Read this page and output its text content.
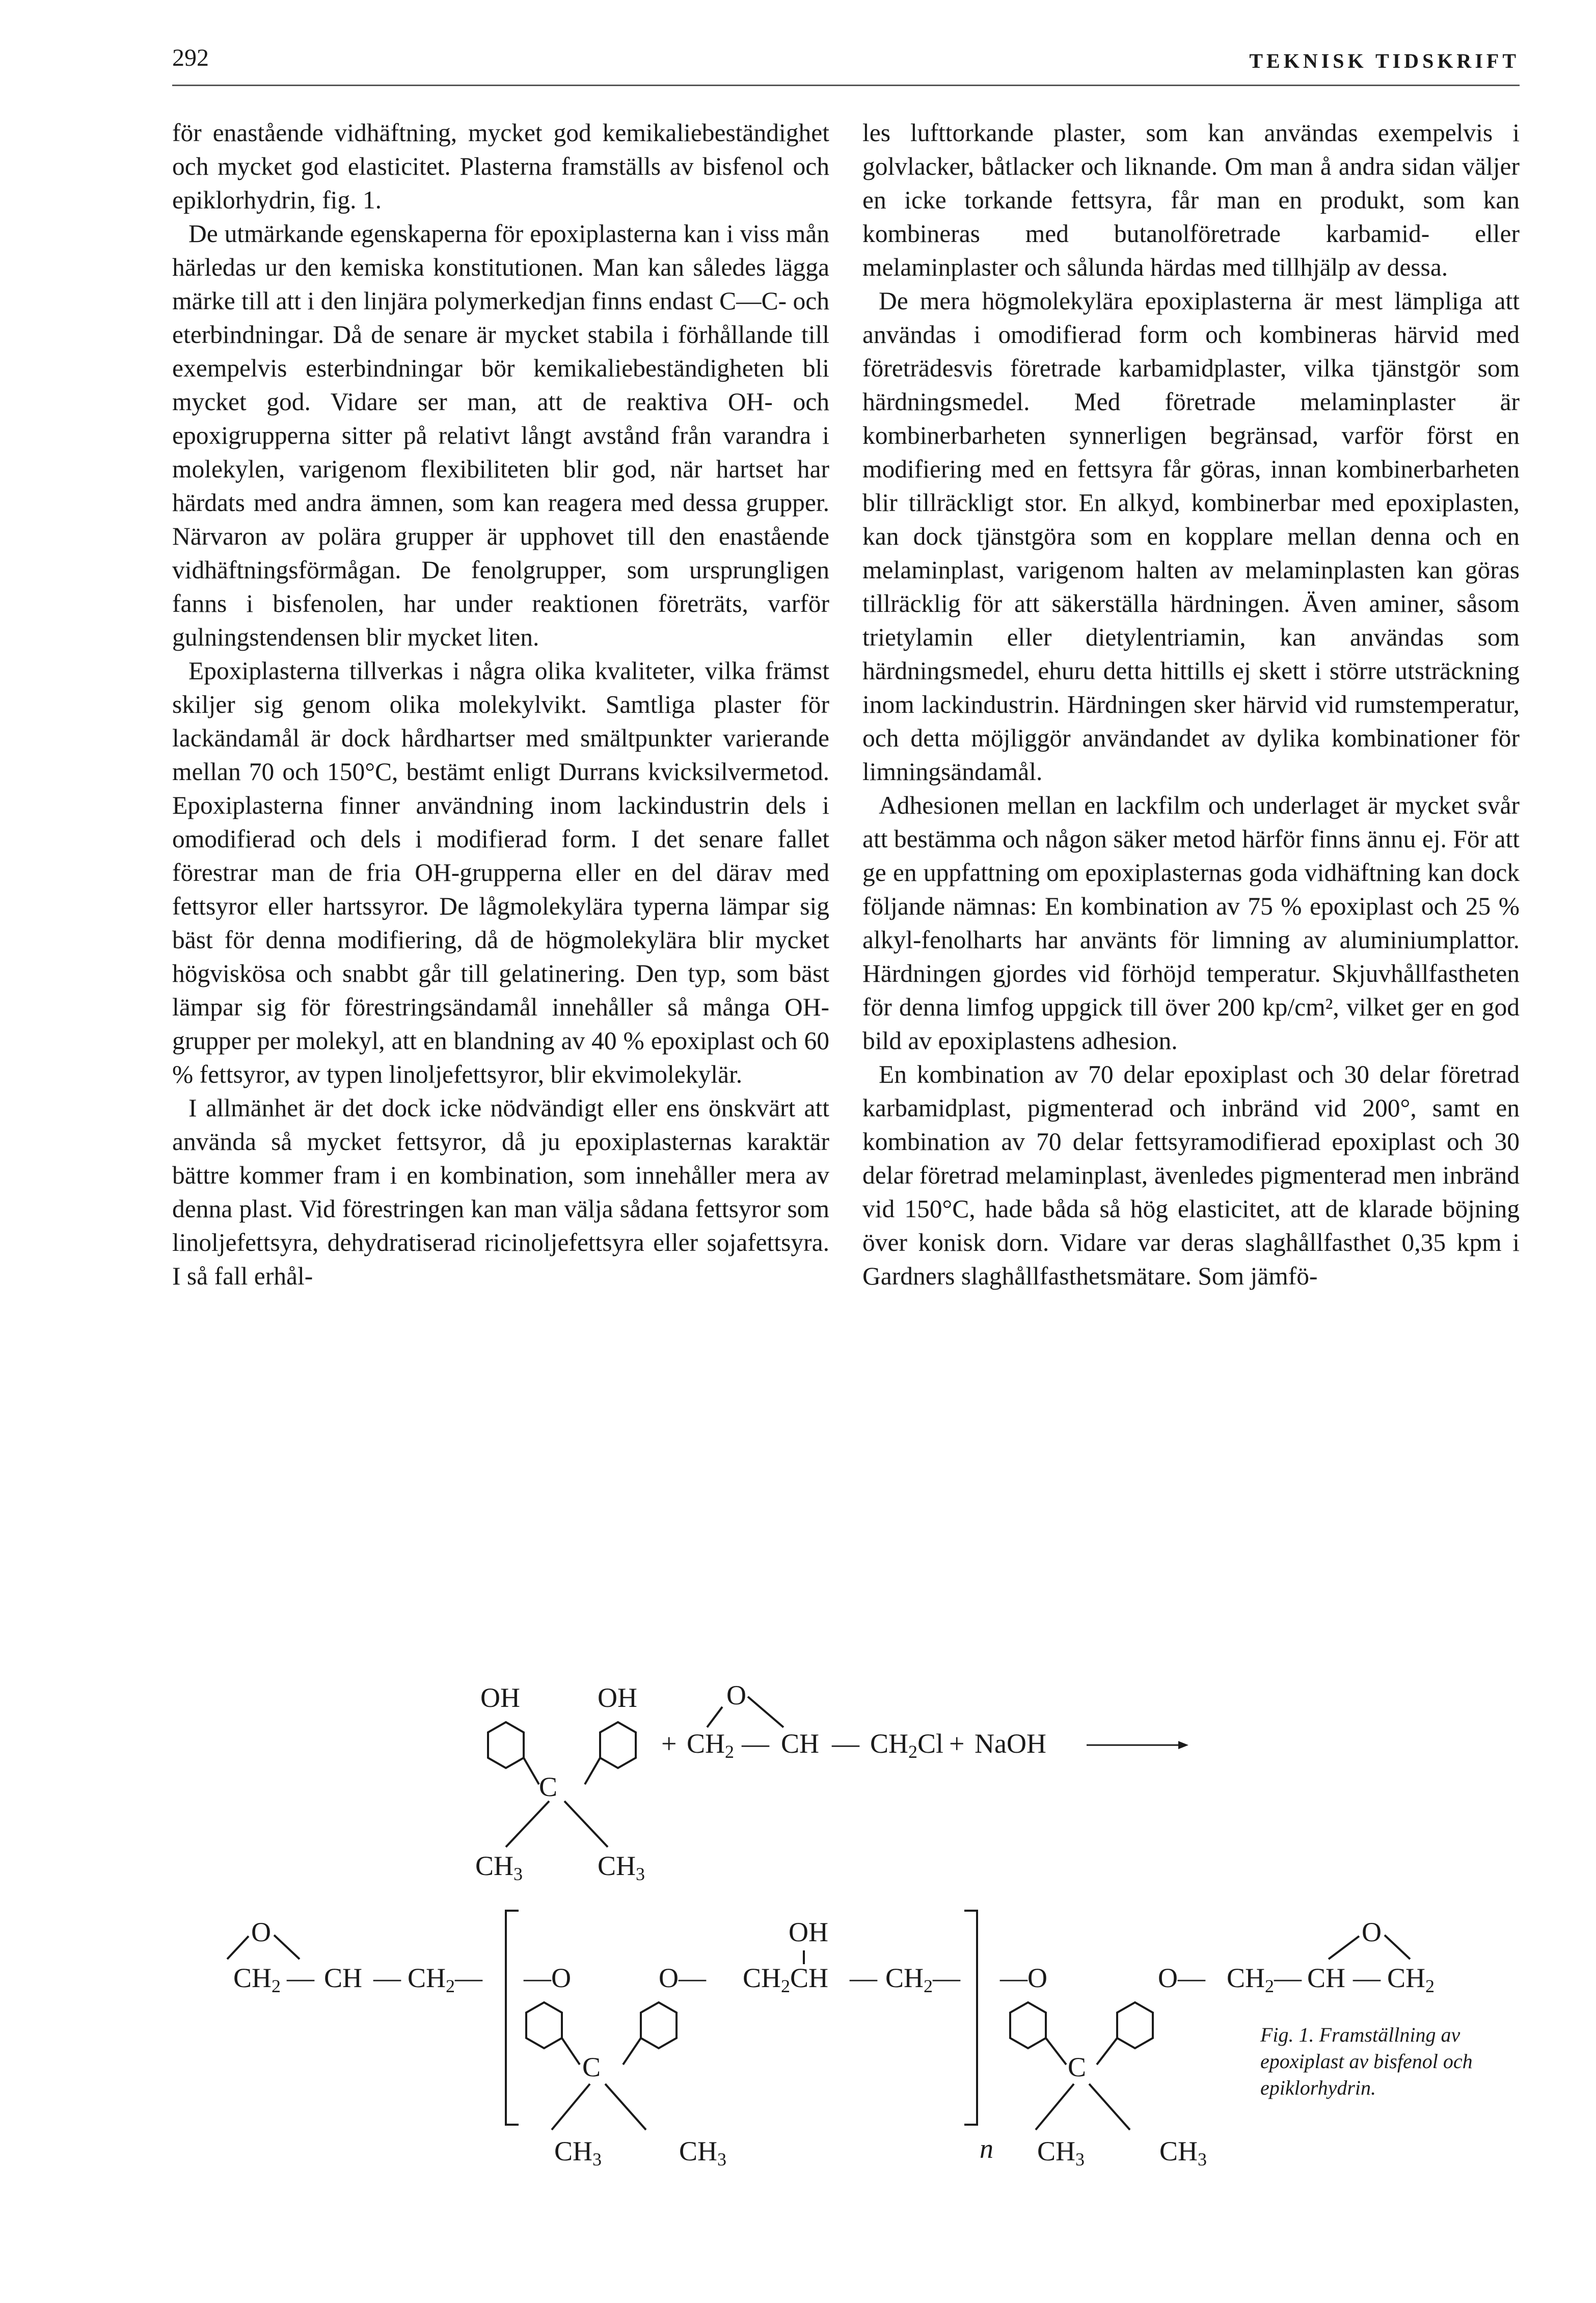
292	TEKNISK TIDSKRIFT

för enastående vidhäftning, mycket god kemikaliebeständighet och mycket god elasticitet. Plasterna framställs av bisfenol och epiklorhydrin, fig. 1.

De utmärkande egenskaperna för epoxiplasterna kan i viss mån härledas ur den kemiska konstitutionen. Man kan således lägga märke till att i den linjära polymerkedjan finns endast C—C- och eterbindningar. Då de senare är mycket stabila i förhållande till exempelvis esterbindningar bör kemikaliebeständigheten bli mycket god. Vidare ser man, att de reaktiva OH- och epoxigrupperna sitter på relativt långt avstånd från varandra i molekylen, varigenom flexibiliteten blir god, när hartset har härdats med andra ämnen, som kan reagera med dessa grupper. Närvaron av polära grupper är upphovet till den enastående vidhäftningsförmågan. De fenolgrupper, som ursprungligen fanns i bisfenolen, har under reaktionen företräts, varför gulningstendensen blir mycket liten.

Epoxiplasterna tillverkas i några olika kvaliteter, vilka främst skiljer sig genom olika molekylvikt. Samtliga plaster för lackändamål är dock hårdhartser med smältpunkter varierande mellan 70 och 150°C, bestämt enligt Durrans kvicksilvermetod. Epoxiplasterna finner användning inom lackindustrin dels i omodifierad och dels i modifierad form. I det senare fallet förestrar man de fria OH-grupperna eller en del därav med fettsyror eller hartssyror. De lågmolekylära typerna lämpar sig bäst för denna modifiering, då de högmolekylära blir mycket högviskösa och snabbt går till gelatinering. Den typ, som bäst lämpar sig för förestringsändamål innehåller så många OH-grupper per molekyl, att en blandning av 40 % epoxiplast och 60 % fettsyror, av typen linoljefettsyror, blir ekvimolekylär.

I allmänhet är det dock icke nödvändigt eller ens önskvärt att använda så mycket fettsyror, då ju epoxiplasternas karaktär bättre kommer fram i en kombination, som innehåller mera av denna plast. Vid förestringen kan man välja sådana fettsyror som linoljefettsyra, dehydratiserad ricinoljefettsyra eller sojafettsyra. I så fall erhål-

les lufttorkande plaster, som kan användas exempelvis i golvlacker, båtlacker och liknande. Om man å andra sidan väljer en icke torkande fettsyra, får man en produkt, som kan kombineras med butanolföretrade karbamid- eller melaminplaster och sålunda härdas med tillhjälp av dessa.

De mera högmolekylära epoxiplasterna är mest lämpliga att användas i omodifierad form och kombineras härvid med företrädesvis företrade karbamidplaster, vilka tjänstgör som härdningsmedel. Med företrade melaminplaster är kombinerbarheten synnerligen begränsad, varför först en modifiering med en fettsyra får göras, innan kombinerbarheten blir tillräckligt stor. En alkyd, kombinerbar med epoxiplasten, kan dock tjänstgöra som en kopplare mellan denna och en melaminplast, varigenom halten av melaminplasten kan göras tillräcklig för att säkerställa härdningen. Även aminer, såsom trietylamin eller dietylentriamin, kan användas som härdningsmedel, ehuru detta hittills ej skett i större utsträckning inom lackindustrin. Härdningen sker härvid vid rumstemperatur, och detta möjliggör användandet av dylika kombinationer för limningsändamål.

Adhesionen mellan en lackfilm och underlaget är mycket svår att bestämma och någon säker metod härför finns ännu ej. För att ge en uppfattning om epoxiplasternas goda vidhäftning kan dock följande nämnas: En kombination av 75 % epoxiplast och 25 % alkyl-fenolharts har använts för limning av aluminiumplattor. Härdningen gjordes vid förhöjd temperatur. Skjuvhållfastheten för denna limfog uppgick till över 200 kp/cm², vilket ger en god bild av epoxiplastens adhesion.

En kombination av 70 delar epoxiplast och 30 delar företrad karbamidplast, pigmenterad och inbränd vid 200°, samt en kombination av 70 delar fettsyramodifierad epoxiplast och 30 delar företrad melaminplast, ävenledes pigmenterad men inbränd vid 150°C, hade båda så hög elasticitet, att de klarade böjning över konisk dorn. Vidare var deras slaghållfasthet 0,35 kpm i Gardners slaghållfasthetsmätare. Som jämfö-

OH	OH
C
CH3	CH3
+ CH2 — CH — CH2Cl + NaOH
O
O
CH2 — CH — CH2— —O
C
CH3	CH3
O— CH2CH
OH
— CH2—
n
—O
C
CH3	CH3
O— CH2— CH — CH2
O
Fig. 1. Framställning av epoxiplast av bisfenol och epiklorhydrin.
